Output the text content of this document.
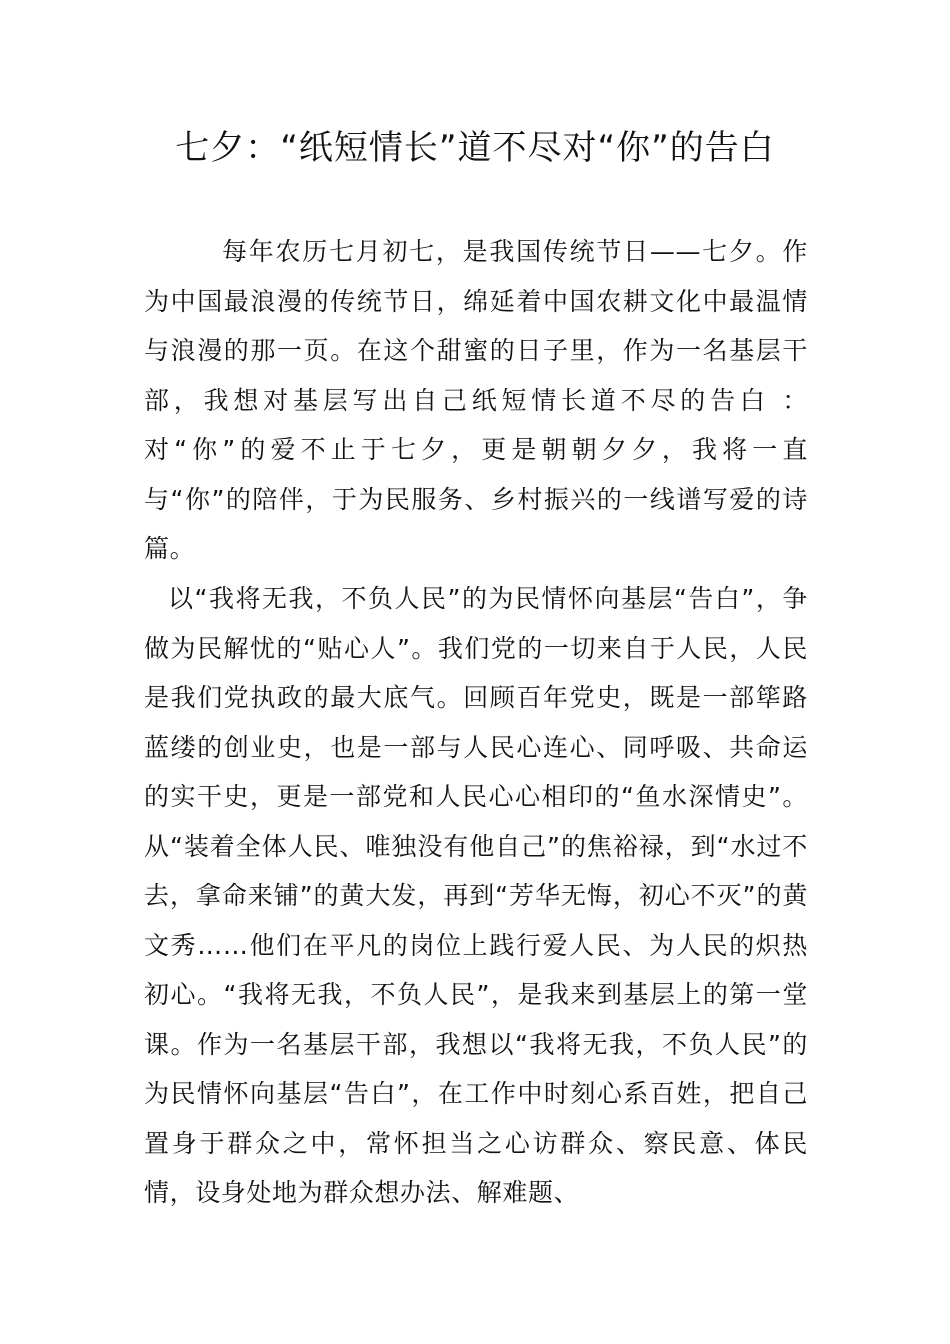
七夕：“纸短情长”道不尽对“你”的告白

每年农历七月初七，是我国传统节日——七夕。作为中国最浪漫的传统节日，绵延着中国农耕文化中最温情与浪漫的那一页。在这个甜蜜的日子里，作为一名基层干部，我想对基层写出自己纸短情长道不尽的告白 ：对“你”的爱不止于七夕，更是朝朝夕夕，我将一直与“你”的陪伴，于为民服务、乡村振兴的一线谱写爱的诗篇。

以“我将无我，不负人民”的为民情怀向基层“告白”，争做为民解忧的“贴心人”。我们党的一切来自于人民，人民是我们党执政的最大底气。回顾百年党史，既是一部筚路蓝缕的创业史，也是一部与人民心连心、同呼吸、共命运的实干史，更是一部党和人民心心相印的“鱼水深情史”。从“装着全体人民、唯独没有他自己”的焦裕禄，到“水过不去，拿命来铺”的黄大发，再到“芳华无悔，初心不灭”的黄文秀……他们在平凡的岗位上践行爱人民、为人民的炽热初心。“我将无我，不负人民”，是我来到基层上的第一堂课。作为一名基层干部，我想以“我将无我，不负人民”的为民情怀向基层“告白”，在工作中时刻心系百姓，把自己置身于群众之中，常怀担当之心访群众、察民意、体民情，设身处地为群众想办法、解难题、
